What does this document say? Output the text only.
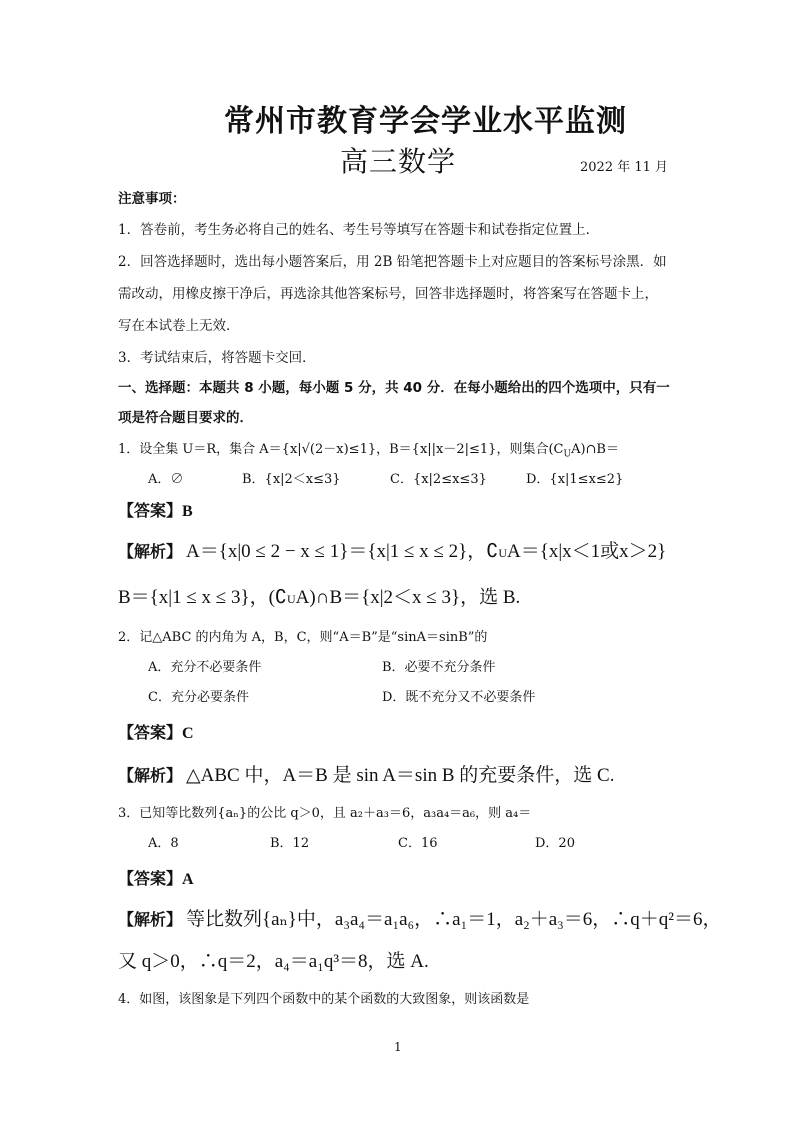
常州市教育学会学业水平监测
高三数学	2022 年 11 月
注意事项：
1．答卷前，考生务必将自己的姓名、考生号等填写在答题卡和试卷指定位置上．
2．回答选择题时，选出每小题答案后，用 2B 铅笔把答题卡上对应题目的答案标号涂黑．如
需改动，用橡皮擦干净后，再选涂其他答案标号，回答非选择题时，将答案写在答题卡上，
写在本试卷上无效．
3．考试结束后，将答题卡交回．
一、选择题：本题共 8 小题，每小题 5 分，共 40 分．在每小题给出的四个选项中，只有一
项是符合题目要求的．
1．设全集 U＝R，集合 A＝{x|√(2－x)≤1}，B＝{x||x－2|≤1}，则集合$(C_UA)\cap B=$
A．∅	B．{x|2＜x≤3}	C．{x|2≤x≤3}	D．{x|1≤x≤2}
【答案】 B
【解析】 A＝{x|0 ≤ 2 − x ≤ 1}＝{x|1 ≤ x ≤ 2}，$∁_U$ A＝{x|x＜1或x＞2}
B＝{x|1 ≤ x ≤ 3}，($∁_U$ A)∩B＝{x|2＜x ≤ 3}，选 B.
2．记△ABC 的内角为 A，B，C，则“A＝B”是“sinA＝sinB”的
A．充分不必要条件	B．必要不充分条件
C．充分必要条件	D．既不充分又不必要条件
【答案】 C
【解析】 △ABC 中，A＝B 是 sin A＝sin B 的充要条件，选 C.
3．已知等比数列{aₙ}的公比 q＞0，且 a₂＋a₃＝6，a₃a₄＝a₆，则 a₄＝
A．8	B．12	C．16	D．20
【答案】 A
【解析】 等比数列{aₙ}中，a₃a₄＝a₁a₆，∴a₁＝1，a₂＋a₃＝6，∴q＋q²＝6，
又 q＞0，∴q＝2，a₄＝a₁q³＝8，选 A.
4．如图，该图象是下列四个函数中的某个函数的大致图象，则该函数是
1
